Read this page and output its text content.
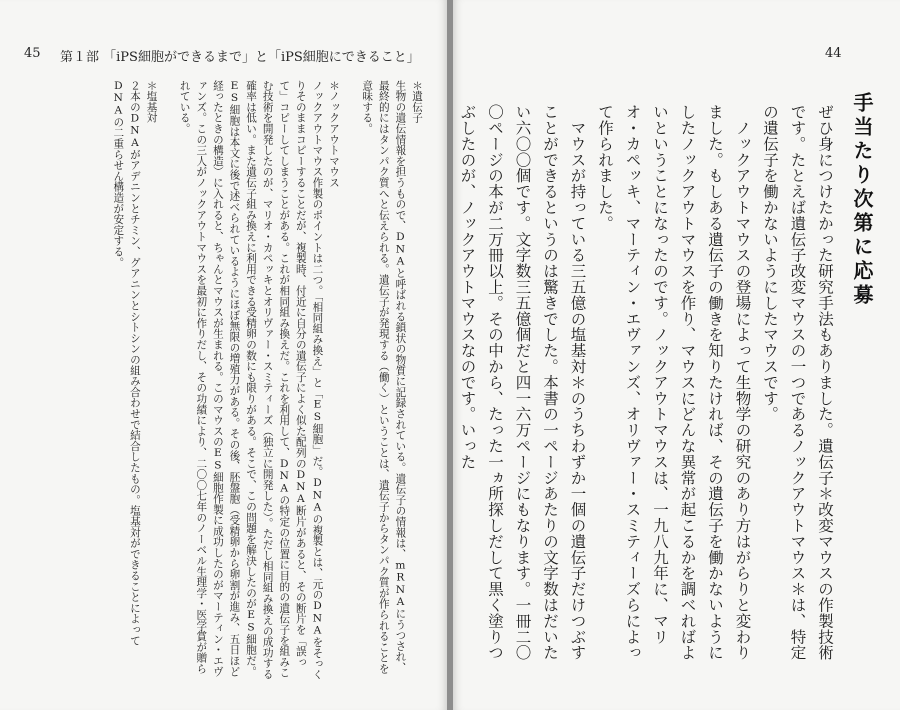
45 第１部 「iPS細胞ができるまで」と「iPS細胞にできること」
＊遺伝子
生物の遺伝情報を担うもので、DNAと呼ばれる鎖状の物質に記録されている。遺伝子の情報は、mRNAにうつされ、最終的にはタンパク質へと伝えられる。遺伝子が発現する（働く）ということは、遺伝子からタンパク質が作られることを意味する。

＊ノックアウトマウス
ノックアウトマウス作製のポイントは二つ。「相同組み換え」と「ES細胞」だ。DNAの複製とは、元のDNAをそっくりそのままコピーすることだが、複製時、付近に自分の遺伝子によく似た配列のDNA断片があると、その断片を「誤って」コピーしてしまうことがある。これが相同組み換えだ。これを利用して、DNAの特定の位置に目的の遺伝子を組みこむ技術を開発したのが、マリオ・カペッキとオリヴァー・スミティーズ（独立に開発した）。ただし相同組み換えの成功する確率は低い。また遺伝子組み換えに利用できる受精卵の数にも限りがある。そこで、この問題を解決したのがES細胞だ。ES細胞は本文に後で述べられているようにほぼ無限の増殖力がある。その後、胚盤胞（受精卵から卵割が進み、五日ほど経ったときの構造）に入れると、ちゃんとマウスが生まれる。このマウスのES細胞作製に成功したのがマーティン・エヴァンズ。この三人がノックアウトマウスを最初に作りだし、その功績により、二〇〇七年のノーベル生理学・医学賞が贈られている。

＊塩基対
２本のDNAがアデニンとチミン、グアニンとシトシンの組み合わせで結合したもの。塩基対ができることによってDNAの二重らせん構造が安定する。
44
手当たり次第に応募
ぜひ身につけたかった研究手法もありました。遺伝子＊改変マウスの作製技術です。たとえば遺伝子改変マウスの一つであるノックアウトマウス＊は、特定の遺伝子を働かないようにしたマウスです。
　ノックアウトマウスの登場によって生物学の研究のあり方はがらりと変わりました。もしある遺伝子の働きを知りたければ、その遺伝子を働かないようにしたノックアウトマウスを作り、マウスにどんな異常が起こるかを調べればよいということになったのです。ノックアウトマウスは、一九八九年に、マリオ・カペッキ、マーティン・エヴァンズ、オリヴァー・スミティーズらによって作られました。
　マウスが持っている三五億の塩基対＊のうちわずか一個の遺伝子だけつぶすことができるというのは驚きでした。本書の一ページあたりの文字数はだいたい六〇〇個です。文字数三五億個だと四一六万ページにもなります。一冊二〇〇ページの本が二万冊以上。その中から、たった一ヵ所探しだして黒く塗りつぶしたのが、ノックアウトマウスなのです。いった
